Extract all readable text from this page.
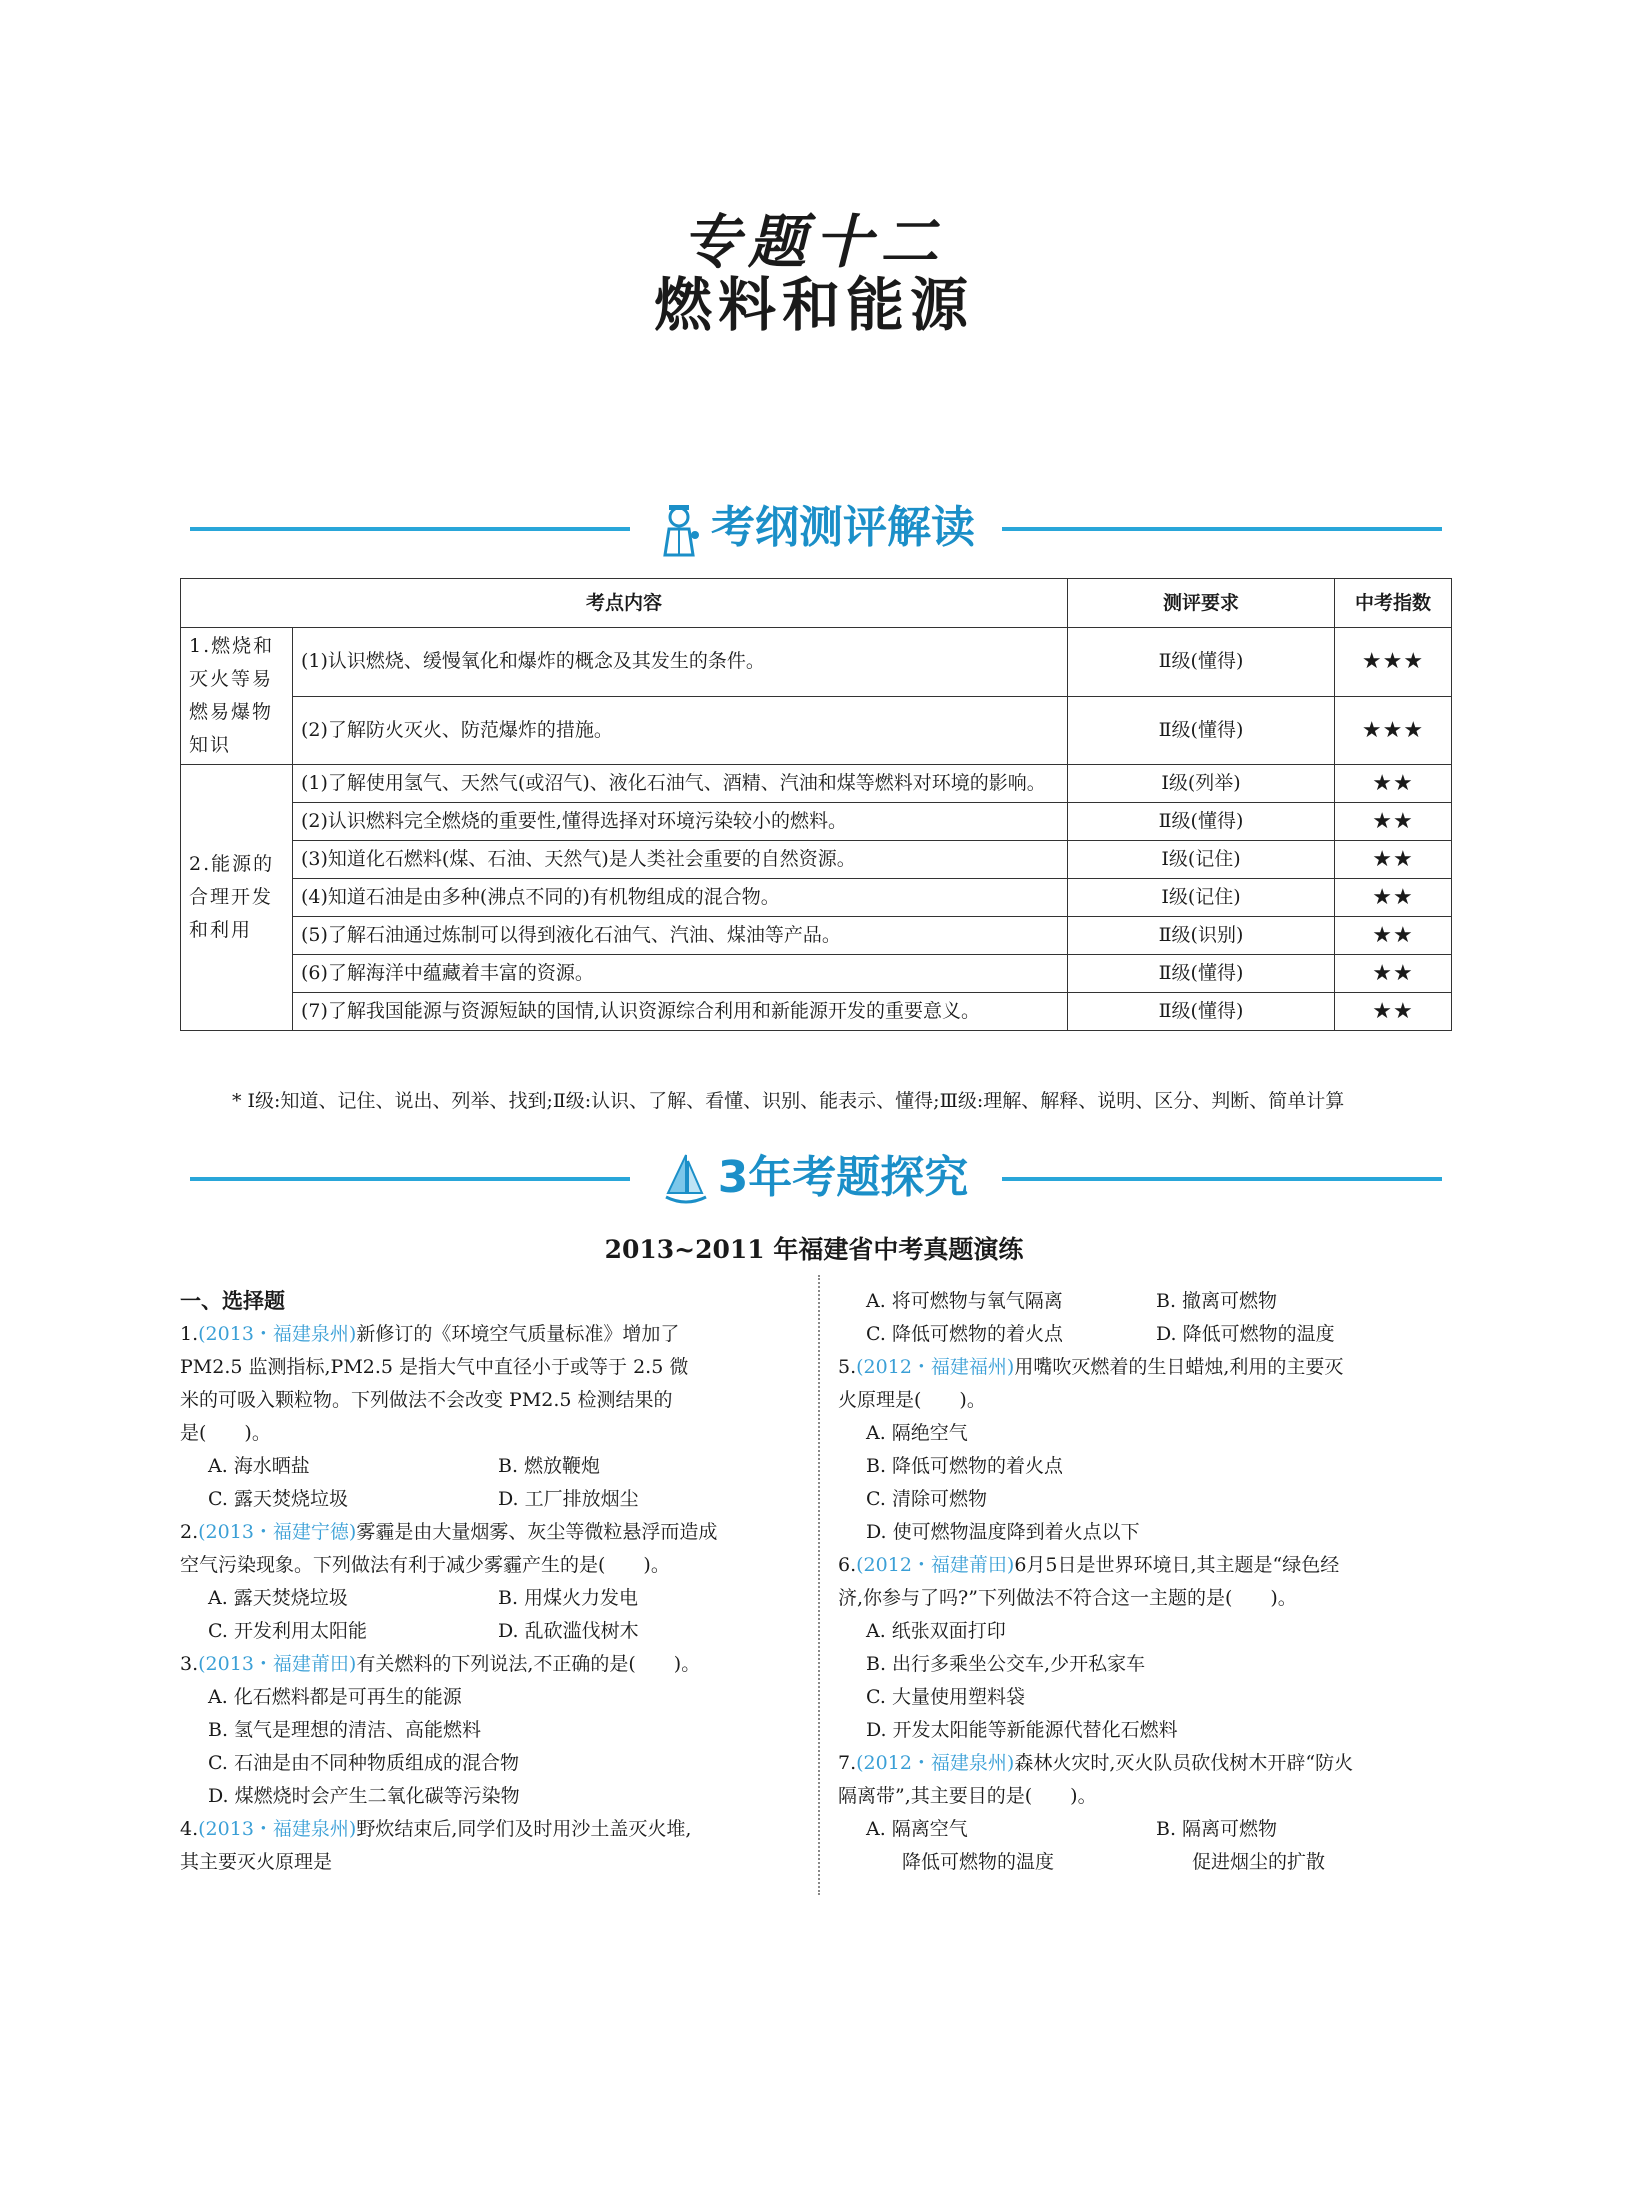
专题十二
燃料和能源
考纲测评解读
考点内容		测评要求	中考指数
1.燃烧和灭火等易燃易爆物知识	(1)认识燃烧、缓慢氧化和爆炸的概念及其发生的条件。	Ⅱ级(懂得)	★★★
	(2)了解防火灭火、防范爆炸的措施。	Ⅱ级(懂得)	★★★
2.能源的合理开发和利用	(1)了解使用氢气、天然气(或沼气)、液化石油气、酒精、汽油和煤等燃料对环境的影响。	Ⅰ级(列举)	★★
	(2)认识燃料完全燃烧的重要性,懂得选择对环境污染较小的燃料。	Ⅱ级(懂得)	★★
	(3)知道化石燃料(煤、石油、天然气)是人类社会重要的自然资源。	Ⅰ级(记住)	★★
	(4)知道石油是由多种(沸点不同的)有机物组成的混合物。	Ⅰ级(记住)	★★
	(5)了解石油通过炼制可以得到液化石油气、汽油、煤油等产品。	Ⅱ级(识别)	★★
	(6)了解海洋中蕴藏着丰富的资源。	Ⅱ级(懂得)	★★
	(7)了解我国能源与资源短缺的国情,认识资源综合利用和新能源开发的重要意义。	Ⅱ级(懂得)	★★
* Ⅰ级:知道、记住、说出、列举、找到;Ⅱ级:认识、了解、看懂、识别、能表示、懂得;Ⅲ级:理解、解释、说明、区分、判断、简单计算
3年考题探究
2013~2011 年福建省中考真题演练
一、选择题
1.(2013・福建泉州)新修订的《环境空气质量标准》增加了
PM2.5 监测指标,PM2.5 是指大气中直径小于或等于 2.5 微
米的可吸入颗粒物。下列做法不会改变 PM2.5 检测结果的
是(　　)。
A. 海水晒盐	B. 燃放鞭炮
C. 露天焚烧垃圾	D. 工厂排放烟尘
2.(2013・福建宁德)雾霾是由大量烟雾、灰尘等微粒悬浮而造成
空气污染现象。下列做法有利于减少雾霾产生的是(　　)。
A. 露天焚烧垃圾	B. 用煤火力发电
C. 开发利用太阳能	D. 乱砍滥伐树木
3.(2013・福建莆田)有关燃料的下列说法,不正确的是(　　)。
A. 化石燃料都是可再生的能源
B. 氢气是理想的清洁、高能燃料
C. 石油是由不同种物质组成的混合物
D. 煤燃烧时会产生二氧化碳等污染物
4.(2013・福建泉州)野炊结束后,同学们及时用沙土盖灭火堆,
其主要灭火原理是
A. 将可燃物与氧气隔离	B. 撤离可燃物
C. 降低可燃物的着火点	D. 降低可燃物的温度
5.(2012・福建福州)用嘴吹灭燃着的生日蜡烛,利用的主要灭
火原理是(　　)。
A. 隔绝空气
B. 降低可燃物的着火点
C. 清除可燃物
D. 使可燃物温度降到着火点以下
6.(2012・福建莆田)6月5日是世界环境日,其主题是“绿色经
济,你参与了吗?”下列做法不符合这一主题的是(　　)。
A. 纸张双面打印
B. 出行多乘坐公交车,少开私家车
C. 大量使用塑料袋
D. 开发太阳能等新能源代替化石燃料
7.(2012・福建泉州)森林火灾时,灭火队员砍伐树木开辟“防火
隔离带”,其主要目的是(　　)。
A. 隔离空气	B. 隔离可燃物
降低可燃物的温度	促进烟尘的扩散
